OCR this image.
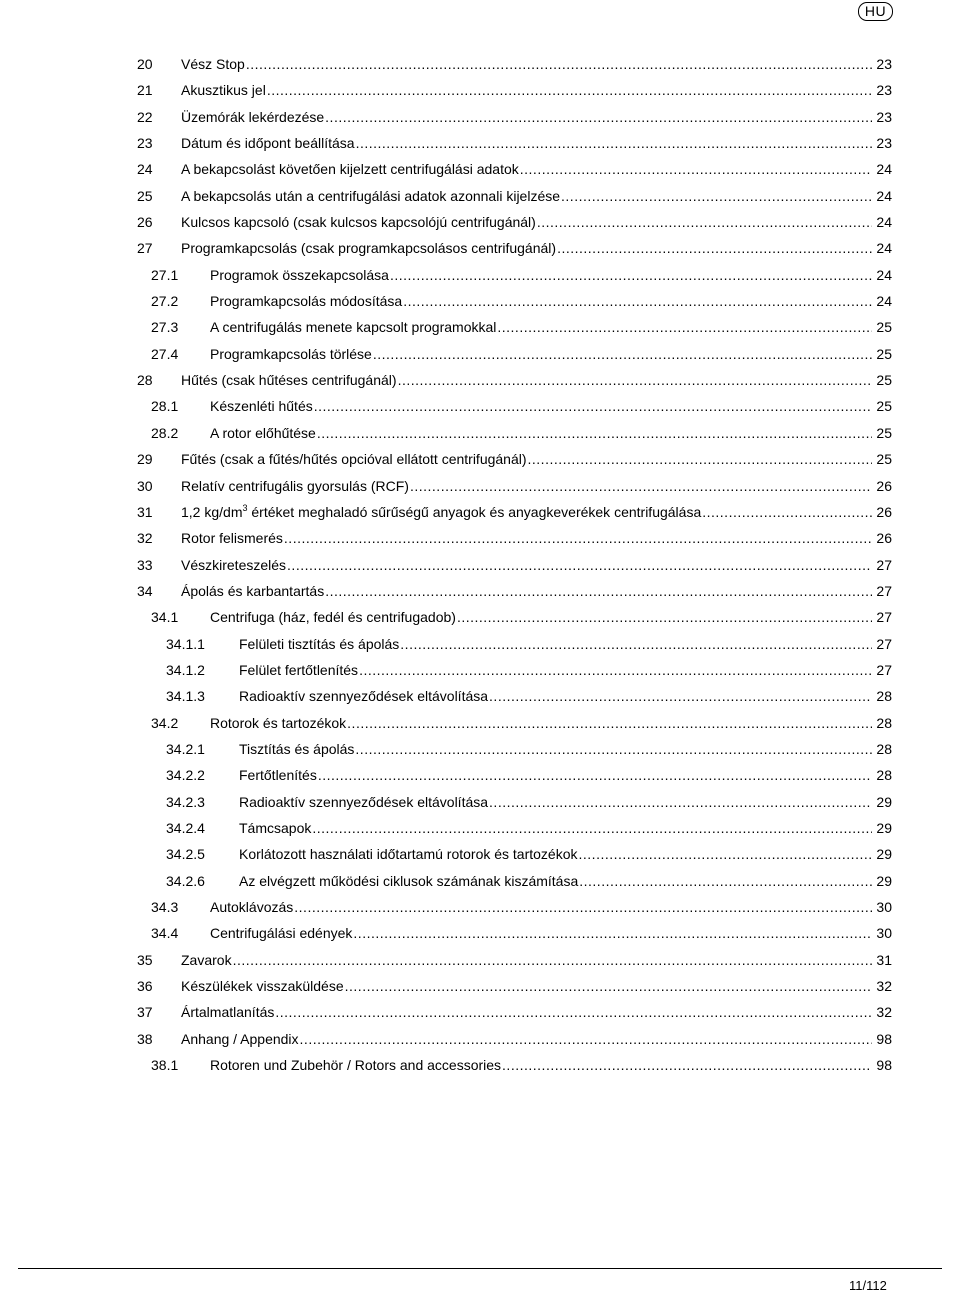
HU
20 Vész Stop .....	23
21 Akusztikus jel .....	23
22 Üzemórák lekérdezése .....	23
23 Dátum és időpont beállítása .....	23
24 A bekapcsolást követően kijelzett centrifugálási adatok .....	24
25 A bekapcsolás után a centrifugálási adatok azonnali kijelzése .....	24
26 Kulcsos kapcsoló (csak kulcsos kapcsolójú centrifugánál) .....	24
27 Programkapcsolás (csak programkapcsolásos centrifugánál) .....	24
27.1 Programok összekapcsolása .....	24
27.2 Programkapcsolás módosítása .....	24
27.3 A centrifugálás menete kapcsolt programokkal .....	25
27.4 Programkapcsolás törlése .....	25
28 Hűtés (csak hűtéses centrifugánál) .....	25
28.1 Készenléti hűtés .....	25
28.2 A rotor előhűtése .....	25
29 Fűtés (csak a fűtés/hűtés opcióval ellátott centrifugánál) .....	25
30 Relatív centrifugális gyorsulás (RCF) .....	26
31 1,2 $kg/dm^3$ értéket meghaladó sűrűségű anyagok és anyagkeverékek centrifugálása .....	26
32 Rotor felismerés .....	26
33 Vészkireteszelés .....	27
34 Ápolás és karbantartás .....	27
34.1 Centrifuga (ház, fedél és centrifugadob) .....	27
34.1.1 Felületi tisztítás és ápolás .....	27
34.1.2 Felület fertőtlenítés .....	27
34.1.3 Radioaktív szennyeződések eltávolítása .....	28
34.2 Rotorok és tartozékok .....	28
34.2.1 Tisztítás és ápolás .....	28
34.2.2 Fertőtlenítés .....	28
34.2.3 Radioaktív szennyeződések eltávolítása .....	29
34.2.4 Támcsapok .....	29
34.2.5 Korlátozott használati időtartamú rotorok és tartozékok .....	29
34.2.6 Az elvégzett működési ciklusok számának kiszámítása .....	29
34.3 Autoklávozás .....	30
34.4 Centrifugálási edények .....	30
35 Zavarok .....	31
36 Készülékek visszaküldése .....	32
37 Ártalmatlanítás .....	32
38 Anhang / Appendix .....	98
38.1 Rotoren und Zubehör / Rotors and accessories .....	98
11/112
